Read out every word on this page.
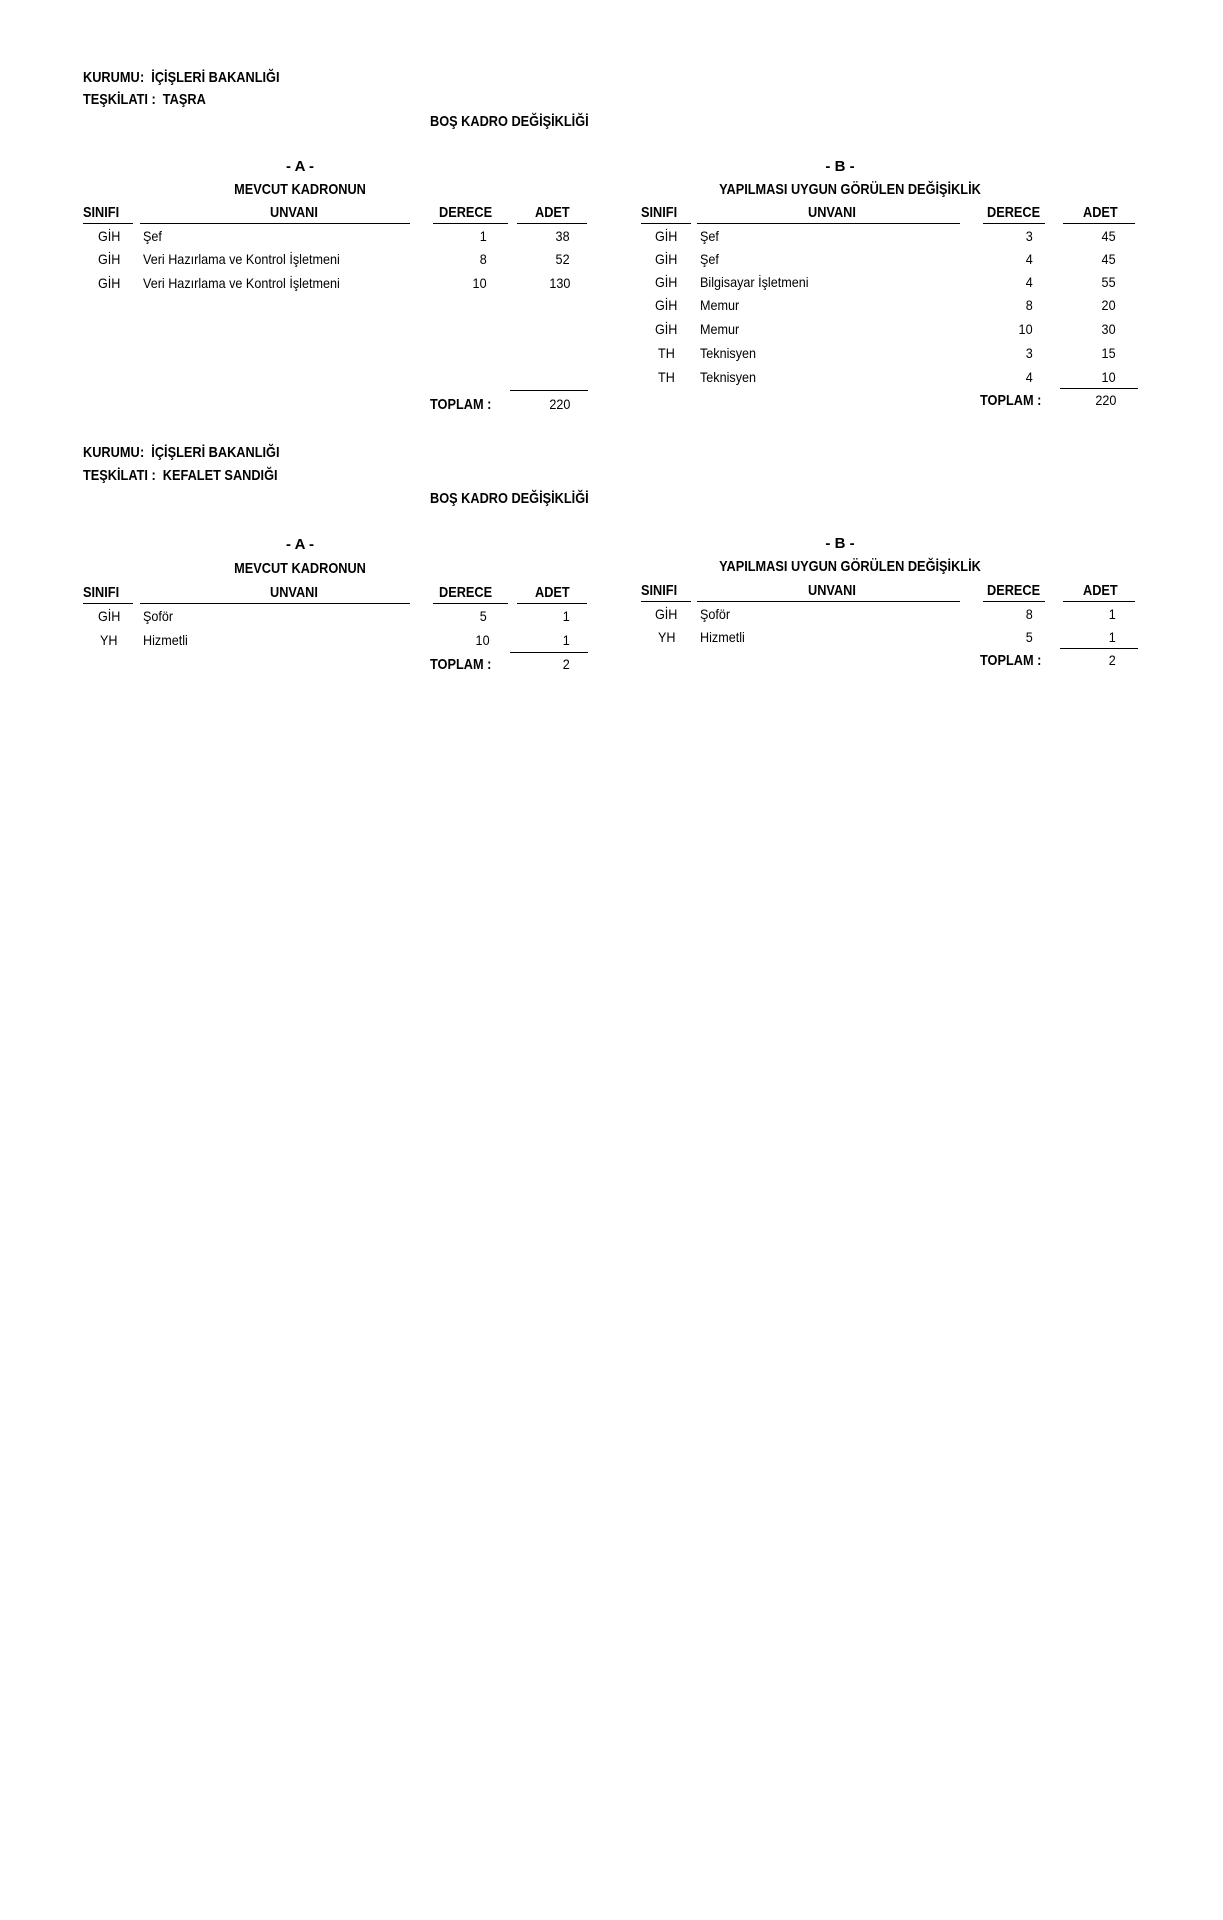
KURUMU:  İÇİŞLERİ BAKANLIĞI
TEŞKİLATI :  TAŞRA
BOŞ KADRO DEĞİŞİKLİĞİ
- A -
MEVCUT KADRONUN
SINIFI	UNVANI	DERECE	ADET
GİH Şef	1	38
GİH Veri Hazırlama ve Kontrol İşletmeni	8	52
GİH Veri Hazırlama ve Kontrol İşletmeni	10	130
TOPLAM :	220
- B -
YAPILMASI UYGUN GÖRÜLEN DEĞİŞİKLİK
SINIFI	UNVANI	DERECE	ADET
GİH Şef	3	45
GİH Şef	4	45
GİH Bilgisayar İşletmeni	4	55
GİH Memur	8	20
GİH Memur	10	30
TH Teknisyen	3	15
TH Teknisyen	4	10
TOPLAM :	220
KURUMU:  İÇİŞLERİ BAKANLIĞI
TEŞKİLATI :  KEFALET SANDIĞI
BOŞ KADRO DEĞİŞİKLİĞİ
- A -
MEVCUT KADRONUN
SINIFI	UNVANI	DERECE	ADET
GİH Şoför	5	1
YH Hizmetli	10	1
TOPLAM :	2
- B -
YAPILMASI UYGUN GÖRÜLEN DEĞİŞİKLİK
SINIFI	UNVANI	DERECE	ADET
GİH Şoför	8	1
YH Hizmetli	5	1
TOPLAM :	2
